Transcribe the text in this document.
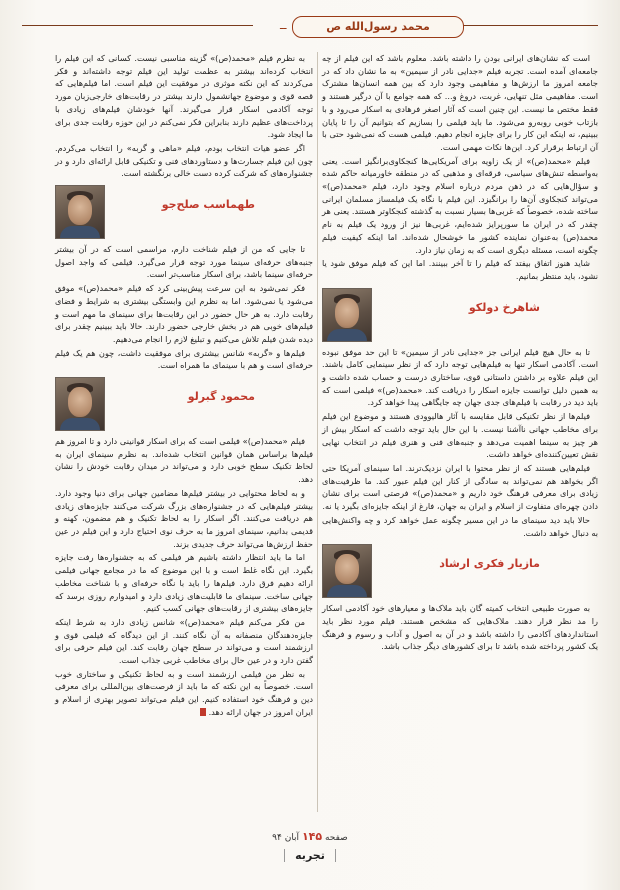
ــ	محمد رسول‌الله ص

است که نشان‌های ایرانی بودن را داشته باشد. معلوم باشد که این فیلم از چه جامعه‌ای آمده است. تجربه فیلم «جدایی نادر از سیمین» به ما نشان داد که در جامعه امروز ما ارزش‌ها و مفاهیمی وجود دارد که بین همه انسان‌ها مشترک است. مفاهیمی مثل تنهایی، غربت، دروغ و... که همه جوامع با آن درگیر هستند و فقط مختص ما نیست. این چنین است که آثار اصغر فرهادی به اسکار می‌رود و با بازتاب خوبی روبه‌رو می‌شود. ما باید فیلمی را بسازیم که بتوانیم آن را تا پایان ببینیم، نه اینکه این کار را برای جایزه انجام دهیم. فیلمی هست که نمی‌شود حتی با آن ارتباط برقرار کرد. این‌ها نکات مهمی است.

فیلم «محمد(ص)» از یک زاویه برای آمریکایی‌ها کنجکاوی‌برانگیز است. یعنی به‌واسطه تنش‌های سیاسی، فرقه‌ای و مذهبی که در منطقه خاورمیانه حاکم شده و سؤال‌هایی که در ذهن مردم درباره اسلام وجود دارد، فیلم «محمد(ص)» می‌تواند کنجکاوی آن‌ها را برانگیزد. این فیلم با نگاه یک فیلمساز مسلمان ایرانی ساخته شده، خصوصاً که غربی‌ها بسیار نسبت به گذشته کنجکاوتر هستند. یعنی هر چقدر که در ایران ما سورپرایز شده‌ایم، غربی‌ها نیز از ورود یک فیلم به نام محمد(ص) به‌عنوان نماینده کشور ما خوشحال شده‌اند. اما اینکه کیفیت فیلم چگونه است، مسئله دیگری است که به زمان نیاز دارد.

شاید هنوز اتفاق بیفتد که فیلم را تا آخر ببینند. اما این که فیلم موفق شود یا نشود، باید منتظر بمانیم.

شاهرخ دولکو

تا به حال هیچ فیلم ایرانی جز «جدایی نادر از سیمین» تا این حد موفق نبوده است. آکادمی اسکار تنها به فیلم‌هایی توجه دارد که از نظر سینمایی کامل باشند. این فیلم علاوه بر داشتن داستانی قوی، ساختاری درست و حساب شده داشت و به همین دلیل توانست جایزه اسکار را دریافت کند. «محمد(ص)» فیلمی است که باید دید در رقابت با فیلم‌های جدی جهان چه جایگاهی پیدا خواهد کرد.

فیلم‌ها از نظر تکنیکی قابل مقایسه با آثار هالیوودی هستند و موضوع این فیلم برای مخاطب جهانی ناآشنا نیست. با این حال باید توجه داشت که اسکار بیش از هر چیز به سینما اهمیت می‌دهد و جنبه‌های فنی و هنری فیلم در انتخاب نهایی نقش تعیین‌کننده‌ای خواهد داشت.

فیلم‌هایی هستند که از نظر محتوا با ایران نزدیک‌ترند. اما سینمای آمریکا حتی اگر بخواهد هم نمی‌تواند به سادگی از کنار این فیلم عبور کند. ما ظرفیت‌های زیادی برای معرفی فرهنگ خود داریم و «محمد(ص)» فرصتی است برای نشان دادن چهره‌ای متفاوت از اسلام و ایران به جهان، فارغ از اینکه جایزه‌ای بگیرد یا نه.

حالا باید دید سینمای ما در این مسیر چگونه عمل خواهد کرد و چه واکنش‌هایی به دنبال خواهد داشت.

مازیار فکری ارشاد

به صورت طبیعی انتخاب کمیته گان باید ملاک‌ها و معیارهای خود آکادمی اسکار را مد نظر قرار دهند. ملاک‌هایی که مشخص هستند. فیلم مورد نظر باید استانداردهای آکادمی را داشته باشد و در آن به اصول و آداب و رسوم و فرهنگ یک کشور پرداخته شده باشد تا برای کشورهای دیگر جذاب باشد.

به نظرم فیلم «محمد(ص)» گزینه مناسبی نیست. کسانی که این فیلم را انتخاب کرده‌اند بیشتر به عظمت تولید این فیلم توجه داشته‌اند و فکر می‌کردند که این نکته موثری در موفقیت این فیلم است. اما فیلم‌هایی که قصه قوی و موضوع جهانشمول دارند بیشتر در رقابت‌های خارجی‌زبان مورد توجه آکادمی اسکار قرار می‌گیرند. آنها خودشان فیلم‌های زیادی با پرداخت‌های عظیم دارند بنابراین فکر نمی‌کنم در این حوزه رقابت جدی برای ما ایجاد شود.

اگر عضو هیات انتخاب بودم، فیلم «ماهی و گربه» را انتخاب می‌کردم. چون این فیلم جسارت‌ها و دستاوردهای فنی و تکنیکی قابل ارائه‌ای دارد و در جشنواره‌های که شرکت کرده دست خالی برنگشته است.

طهماسب صلح‌جو

تا جایی که من از فیلم شناخت دارم، مراسمی است که در آن بیشتر جنبه‌های حرفه‌ای سینما مورد توجه قرار می‌گیرد. فیلمی که واجد اصول حرفه‌ای سینما باشد، برای اسکار مناسب‌تر است.

فکر نمی‌شود به این سرعت پیش‌بینی کرد که فیلم «محمد(ص)» موفق می‌شود یا نمی‌شود. اما به نظرم این وابستگی بیشتری به شرایط و فضای رقابت دارد. به هر حال حضور در این رقابت‌ها برای سینمای ما مهم است و فیلم‌های خوبی هم در بخش خارجی حضور دارند. حالا باید ببینیم چقدر برای دیده شدن فیلم تلاش می‌کنیم و تبلیغ لازم را انجام می‌دهیم.

فیلم‌ها و «گربه» شانس بیشتری برای موفقیت داشت، چون هم یک فیلم حرفه‌ای است و هم با سینمای ما همراه است.

محمود گبرلو

فیلم «محمد(ص)» فیلمی است که برای اسکار قوانینی دارد و تا امروز هم فیلم‌ها براساس همان قوانین انتخاب شده‌اند. به نظرم سینمای ایران به لحاظ تکنیک سطح خوبی دارد و می‌تواند در میدان رقابت خودش را نشان دهد.

و به لحاظ محتوایی در بیشتر فیلم‌ها مضامین جهانی برای دنیا وجود دارد. بیشتر فیلم‌هایی که در جشنواره‌های بزرگ شرکت می‌کنند جایزه‌های زیادی هم دریافت می‌کنند. اگر اسکار را به لحاظ تکنیک و هم مضمون، کهنه و قدیمی بدانیم، سینمای امروز ما به حرف نوی احتیاج دارد و این فیلم در عین حفظ ارزش‌ها می‌تواند حرف جدیدی بزند.

اما ما باید انتظار داشته باشیم هر فیلمی که به جشنواره‌ها رفت جایزه بگیرد. این نگاه غلط است و با این موضوع که ما در مجامع جهانی فیلمی ارائه دهیم فرق دارد. فیلم‌ها را باید با نگاه حرفه‌ای و با شناخت مخاطب جهانی ساخت. سینمای ما قابلیت‌های زیادی دارد و امیدوارم روزی برسد که جایزه‌های بیشتری از رقابت‌های جهانی کسب کنیم.

من فکر می‌کنم فیلم «محمد(ص)» شانس زیادی دارد به شرط اینکه جایزه‌دهندگان منصفانه به آن نگاه کنند. از این دیدگاه که فیلمی قوی و ارزشمند است و می‌تواند در سطح جهان رقابت کند. این فیلم حرفی برای گفتن دارد و در عین حال برای مخاطب غربی جذاب است.

به نظر من فیلمی ارزشمند است و به لحاظ تکنیکی و ساختاری خوب است. خصوصاً به این نکته که ما باید از فرصت‌های بین‌المللی برای معرفی دین و فرهنگ خود استفاده کنیم. این فیلم می‌تواند تصویر بهتری از اسلام و ایران امروز در جهان ارائه دهد.

صفحه ۱۴۵ آبان ۹۴
تجربه
